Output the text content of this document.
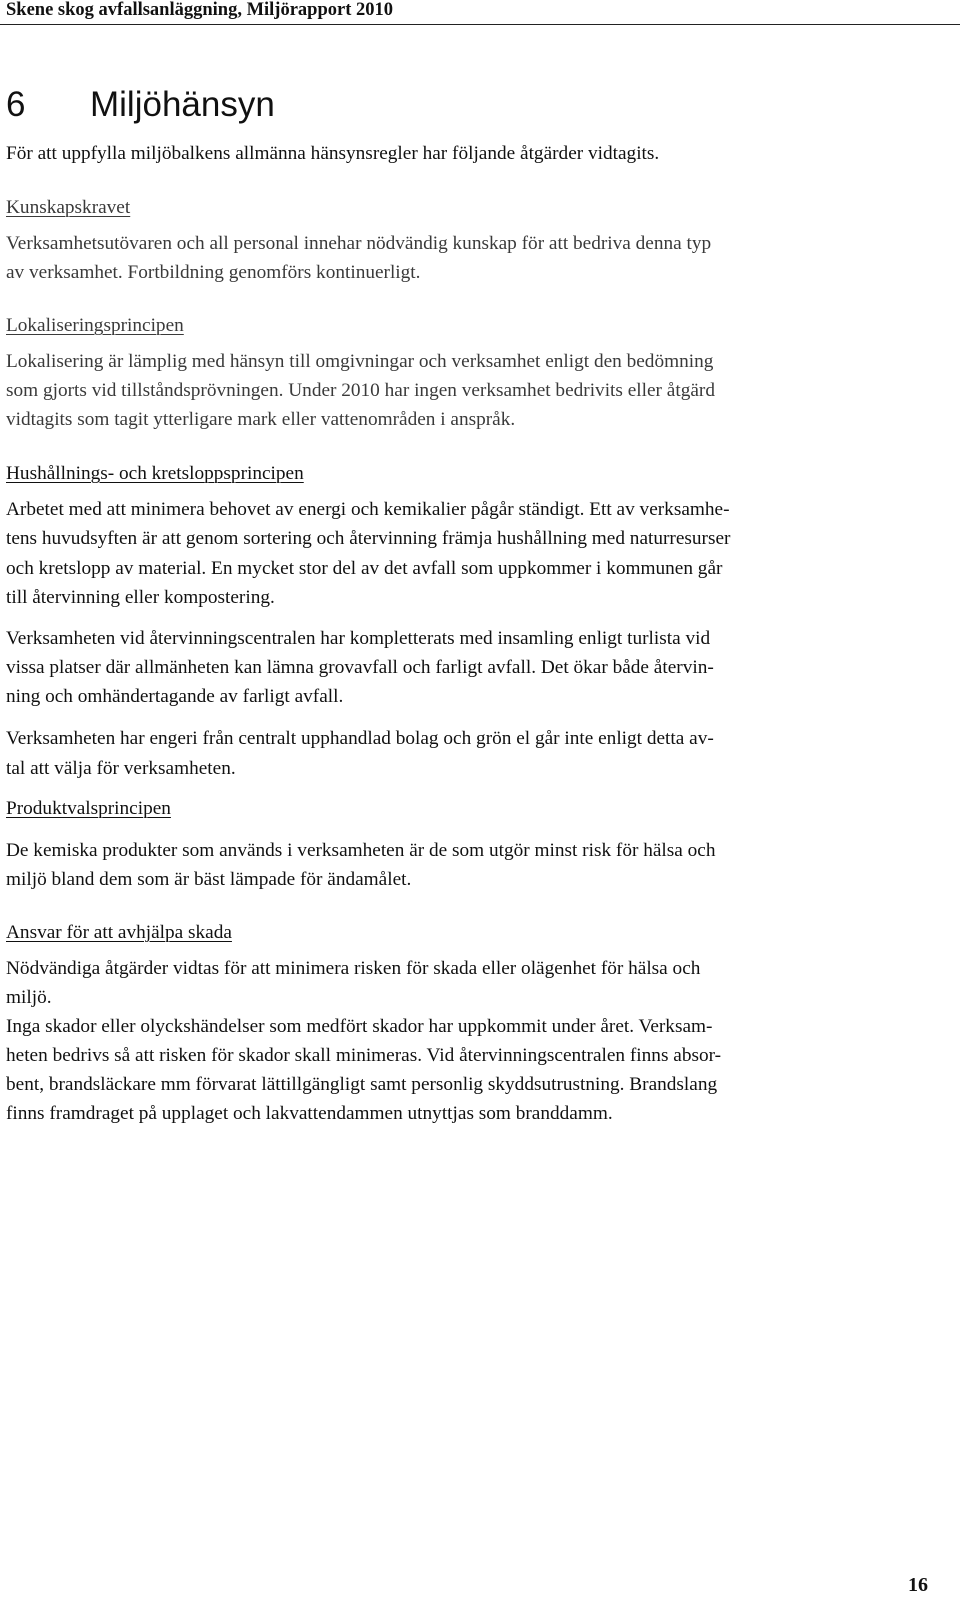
Skene skog avfallsanläggning, Miljörapport 2010
6 Miljöhänsyn
För att uppfylla miljöbalkens allmänna hänsynsregler har följande åtgärder vidtagits.
Kunskapskravet
Verksamhetsutövaren och all personal innehar nödvändig kunskap för att bedriva denna typ
av verksamhet. Fortbildning genomförs kontinuerligt.
Lokaliseringsprincipen
Lokalisering är lämplig med hänsyn till omgivningar och verksamhet enligt den bedömning
som gjorts vid tillståndsprövningen. Under 2010 har ingen verksamhet bedrivits eller åtgärd
vidtagits som tagit ytterligare mark eller vattenområden i anspråk.
Hushållnings- och kretsloppsprincipen
Arbetet med att minimera behovet av energi och kemikalier pågår ständigt. Ett av verksamhe-
tens huvudsyften är att genom sortering och återvinning främja hushållning med naturresurser
och kretslopp av material. En mycket stor del av det avfall som uppkommer i kommunen går
till återvinning eller kompostering.
Verksamheten vid återvinningscentralen har kompletterats med insamling enligt turlista vid
vissa platser där allmänheten kan lämna grovavfall och farligt avfall. Det ökar både återvin-
ning och omhändertagande av farligt avfall.
Verksamheten har engeri från centralt upphandlad bolag och grön el går inte enligt detta av-
tal att välja för verksamheten.
Produktvalsprincipen
De kemiska produkter som används i verksamheten är de som utgör minst risk för hälsa och
miljö bland dem som är bäst lämpade för ändamålet.
Ansvar för att avhjälpa skada
Nödvändiga åtgärder vidtas för att minimera risken för skada eller olägenhet för hälsa och
miljö.
Inga skador eller olyckshändelser som medfört skador har uppkommit under året. Verksam-
heten bedrivs så att risken för skador skall minimeras. Vid återvinningscentralen finns absor-
bent, brandsläckare mm förvarat lättillgängligt samt personlig skyddsutrustning. Brandslang
finns framdraget på upplaget och lakvattendammen utnyttjas som branddamm.
16
